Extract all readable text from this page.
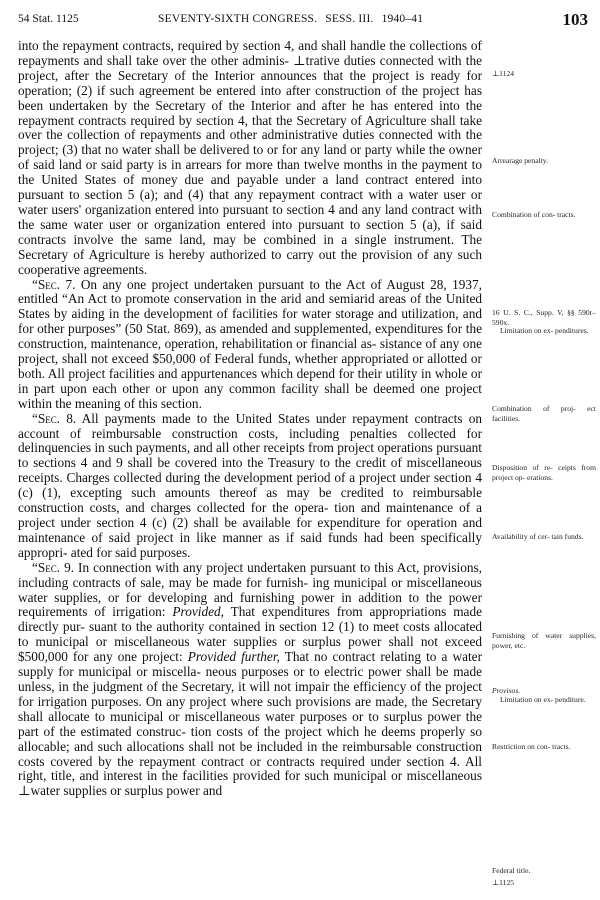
54 Stat. 1125	SEVENTY-SIXTH CONGRESS. SESS. III. 1940–41	103

into the repayment contracts, required by section 4, and shall handle the collections of repayments and shall take over the other adminis- ⊥trative duties connected with the project, after the Secretary of the Interior announces that the project is ready for operation; (2) if such agreement be entered into after construction of the project has been undertaken by the Secretary of the Interior and after he has entered into the repayment contracts required by section 4, that the Secretary of Agriculture shall take over the collection of repayments and other administrative duties connected with the project; (3) that no water shall be delivered to or for any land or party while the owner of said land or said party is in arrears for more than twelve months in the payment to the United States of money due and payable under a land contract entered into pursuant to section 5 (a); and (4) that any repayment contract with a water user or water users' organization entered into pursuant to section 4 and any land contract with the same water user or organization entered into pursuant to section 5 (a), if said contracts involve the same land, may be combined in a single instrument. The Secretary of Agriculture is hereby authorized to carry out the provision of any such cooperative agreements.

“Sec. 7. On any one project undertaken pursuant to the Act of August 28, 1937, entitled “An Act to promote conservation in the arid and semiarid areas of the United States by aiding in the development of facilities for water storage and utilization, and for other purposes” (50 Stat. 869), as amended and supplemented, expenditures for the construction, maintenance, operation, rehabilitation or financial as- sistance of any one project, shall not exceed $50,000 of Federal funds, whether appropriated or allotted or both. All project facilities and appurtenances which depend for their utility in whole or in part upon each other or upon any common facility shall be deemed one project within the meaning of this section.

“Sec. 8. All payments made to the United States under repayment contracts on account of reimbursable construction costs, including penalties collected for delinquencies in such payments, and all other receipts from project operations pursuant to sections 4 and 9 shall be covered into the Treasury to the credit of miscellaneous receipts. Charges collected during the development period of a project under section 4 (c) (1), excepting such amounts thereof as may be credited to reimbursable construction costs, and charges collected for the opera- tion and maintenance of a project under section 4 (c) (2) shall be available for expenditure for operation and maintenance of said project in like manner as if said funds had been specifically appropri- ated for said purposes.

“Sec. 9. In connection with any project undertaken pursuant to this Act, provisions, including contracts of sale, may be made for furnish- ing municipal or miscellaneous water supplies, or for developing and furnishing power in addition to the power requirements of irrigation: Provided, That expenditures from appropriations made directly pur- suant to the authority contained in section 12 (1) to meet costs allocated to municipal or miscellaneous water supplies or surplus power shall not exceed $500,000 for any one project: Provided further, That no contract relating to a water supply for municipal or miscella- neous purposes or to electric power shall be made unless, in the judgment of the Secretary, it will not impair the efficiency of the project for irrigation purposes. On any project where such provisions are made, the Secretary shall allocate to municipal or miscellaneous water purposes or to surplus power the part of the estimated construc- tion costs of the project which he deems properly so allocable; and such allocations shall not be included in the reimbursable construction costs covered by the repayment contract or contracts required under section 4. All right, title, and interest in the facilities provided for such municipal or miscellaneous ⊥water supplies or surplus power and

⊥1124
Arrearage penalty.
Combination of con- tracts.
16 U. S. C., Supp. V, §§ 590r–590x.
Limitation on ex- penditures.
Combination of proj- ect facilities.
Disposition of re- ceipts from project op- erations.
Availability of cer- tain funds.
Furnishing of water supplies, power, etc.
Provisos.
Limitation on ex- penditure.
Restriction on con- tracts.
Federal title.
⊥1125
